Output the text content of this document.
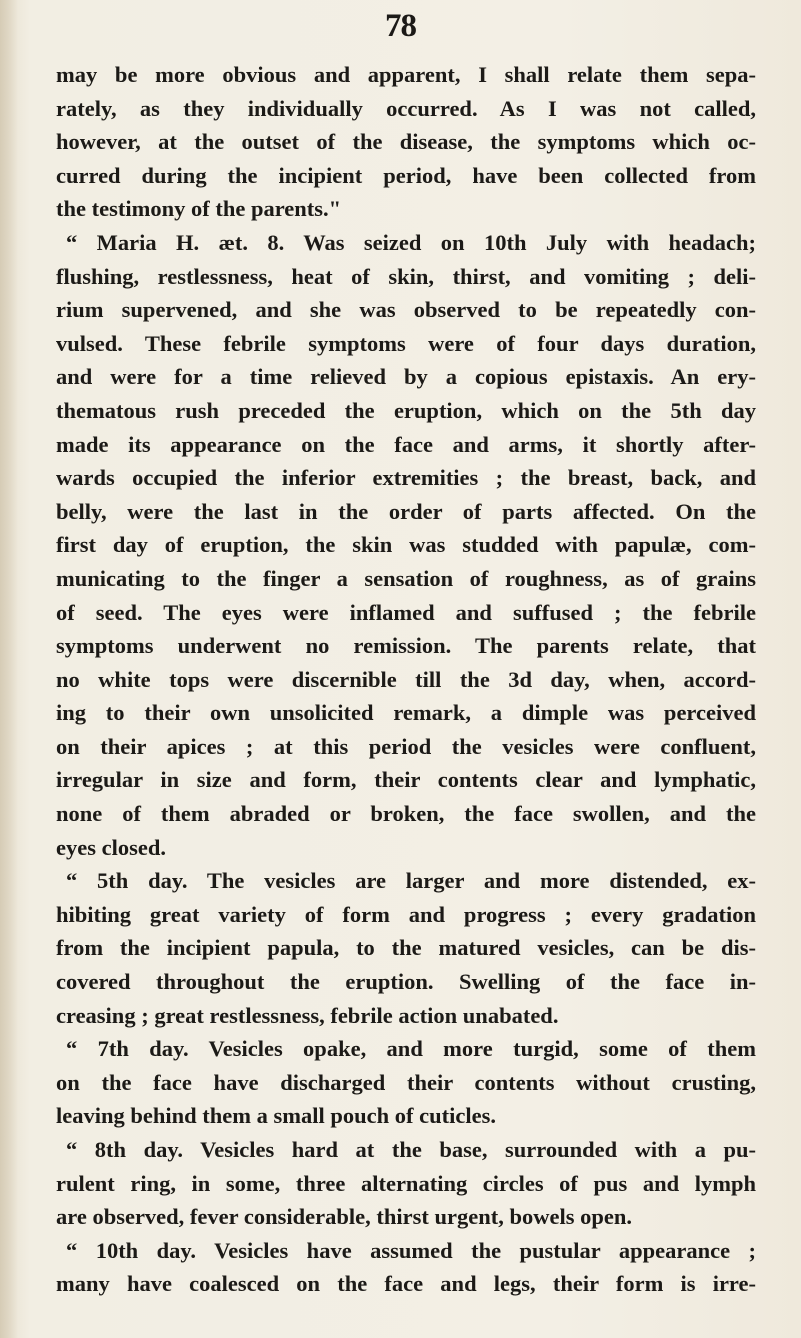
78
may be more obvious and apparent, I shall relate them sepa-
rately, as they individually occurred. As I was not called,
however, at the outset of the disease, the symptoms which oc-
curred during the incipient period, have been collected from
the testimony of the parents."
“ Maria H. æt. 8. Was seized on 10th July with headach;
flushing, restlessness, heat of skin, thirst, and vomiting ; deli-
rium supervened, and she was observed to be repeatedly con-
vulsed. These febrile symptoms were of four days duration,
and were for a time relieved by a copious epistaxis. An ery-
thematous rush preceded the eruption, which on the 5th day
made its appearance on the face and arms, it shortly after-
wards occupied the inferior extremities ; the breast, back, and
belly, were the last in the order of parts affected. On the
first day of eruption, the skin was studded with papulæ, com-
municating to the finger a sensation of roughness, as of grains
of seed. The eyes were inflamed and suffused ; the febrile
symptoms underwent no remission. The parents relate, that
no white tops were discernible till the 3d day, when, accord-
ing to their own unsolicited remark, a dimple was perceived
on their apices ; at this period the vesicles were confluent,
irregular in size and form, their contents clear and lymphatic,
none of them abraded or broken, the face swollen, and the
eyes closed.
“ 5th day. The vesicles are larger and more distended, ex-
hibiting great variety of form and progress ; every gradation
from the incipient papula, to the matured vesicles, can be dis-
covered throughout the eruption. Swelling of the face in-
creasing ; great restlessness, febrile action unabated.
“ 7th day. Vesicles opake, and more turgid, some of them
on the face have discharged their contents without crusting,
leaving behind them a small pouch of cuticles.
“ 8th day. Vesicles hard at the base, surrounded with a pu-
rulent ring, in some, three alternating circles of pus and lymph
are observed, fever considerable, thirst urgent, bowels open.
“ 10th day. Vesicles have assumed the pustular appearance ;
many have coalesced on the face and legs, their form is irre-
